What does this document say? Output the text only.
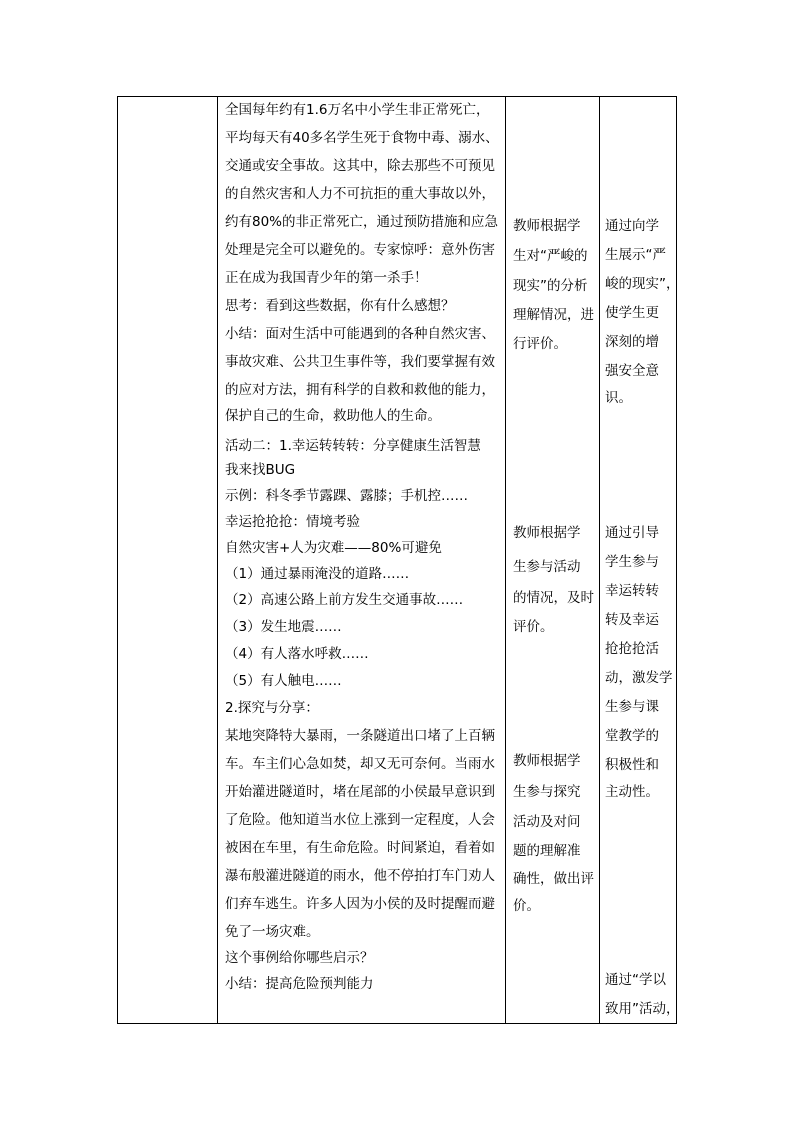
全国每年约有1.6万名中小学生非正常死亡，
平均每天有40多名学生死于食物中毒、溺水、
交通或安全事故。这其中，除去那些不可预见
的自然灾害和人力不可抗拒的重大事故以外，
约有80%的非正常死亡，通过预防措施和应急
处理是完全可以避免的。专家惊呼：意外伤害
正在成为我国青少年的第一杀手！
思考：看到这些数据，你有什么感想？
小结：面对生活中可能遇到的各种自然灾害、
事故灾难、公共卫生事件等，我们要掌握有效
的应对方法，拥有科学的自救和救他的能力，
保护自己的生命，救助他人的生命。
活动二：1.幸运转转转：分享健康生活智慧
我来找BUG
示例：科冬季节露踝、露膝；手机控……
幸运抢抢抢：情境考验
自然灾害+人为灾难——80%可避免
（1）通过暴雨淹没的道路……
（2）高速公路上前方发生交通事故……
（3）发生地震……
（4）有人落水呼救……
（5）有人触电……
2.探究与分享：
某地突降特大暴雨，一条隧道出口堵了上百辆
车。车主们心急如焚，却又无可奈何。当雨水
开始灌进隧道时，堵在尾部的小侯最早意识到
了危险。他知道当水位上涨到一定程度，人会
被困在车里，有生命危险。时间紧迫，看着如
瀑布般灌进隧道的雨水，他不停拍打车门劝人
们弃车逃生。许多人因为小侯的及时提醒而避
免了一场灾难。
这个事例给你哪些启示？
小结：提高危险预判能力
教师根据学
生对“严峻的
现实”的分析
理解情况，进
行评价。
教师根据学
生参与活动
的情况，及时
评价。
教师根据学
生参与探究
活动及对问
题的理解准
确性，做出评
价。
通过向学
生展示“严
峻的现实”，
使学生更
深刻的增
强安全意
识。
通过引导
学生参与
幸运转转
转及幸运
抢抢抢活
动，激发学
生参与课
堂教学的
积极性和
主动性。
通过“学以
致用”活动，
